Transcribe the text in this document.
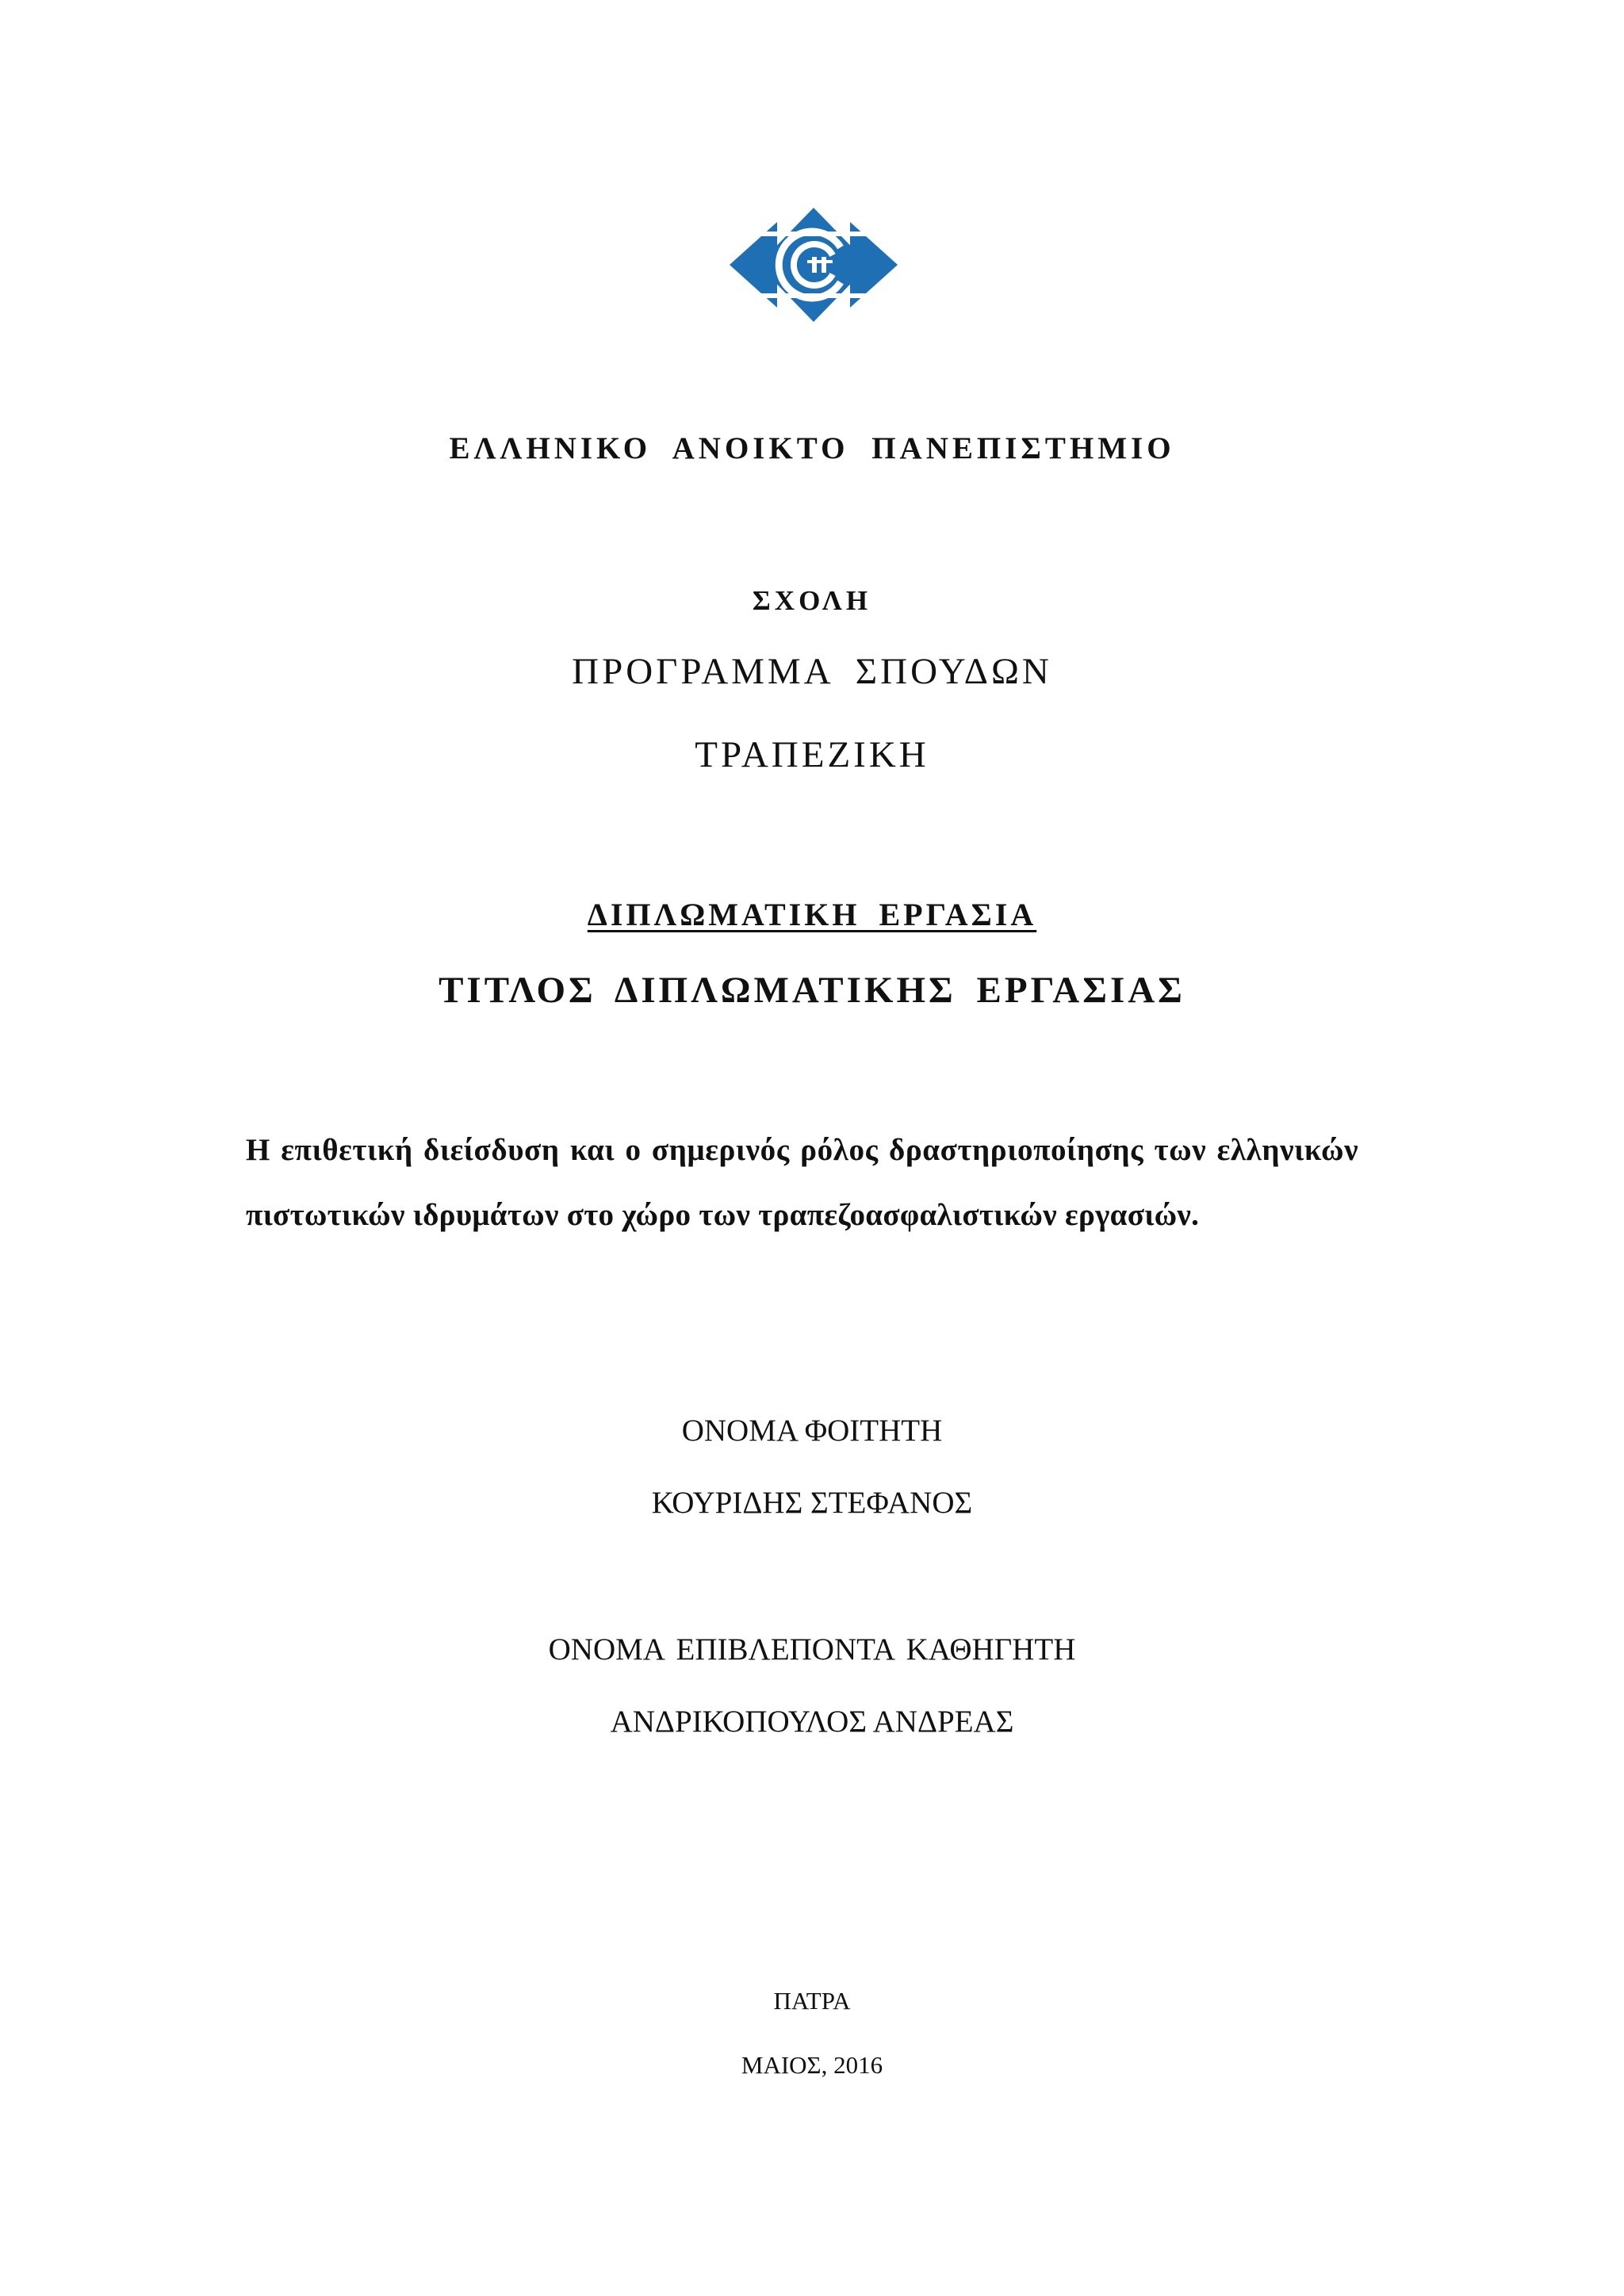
ΕΛΛΗΝΙΚΟ ΑΝΟΙΚΤΟ ΠΑΝΕΠΙΣΤΗΜΙΟ
ΣΧΟΛΗ
ΠΡΟΓΡΑΜΜΑ ΣΠΟΥΔΩΝ
ΤΡΑΠΕΖΙΚΗ
ΔΙΠΛΩΜΑΤΙΚΗ ΕΡΓΑΣΙΑ
ΤΙΤΛΟΣ ΔΙΠΛΩΜΑΤΙΚΗΣ ΕΡΓΑΣΙΑΣ
Η επιθετική διείσδυση και ο σημερινός ρόλος δραστηριοποίησης των ελληνικών
πιστωτικών ιδρυμάτων στο χώρο των τραπεζοασφαλιστικών εργασιών.
ΟΝΟΜΑ ΦΟΙΤΗΤΗ
ΚΟΥΡΙΔΗΣ ΣΤΕΦΑΝΟΣ
ΟΝΟΜΑ ΕΠΙΒΛΕΠΟΝΤΑ ΚΑΘΗΓΗΤΗ
ΑΝΔΡΙΚΟΠΟΥΛΟΣ ΑΝΔΡΕΑΣ
ΠΑΤΡΑ
ΜΑΙΟΣ, 2016
